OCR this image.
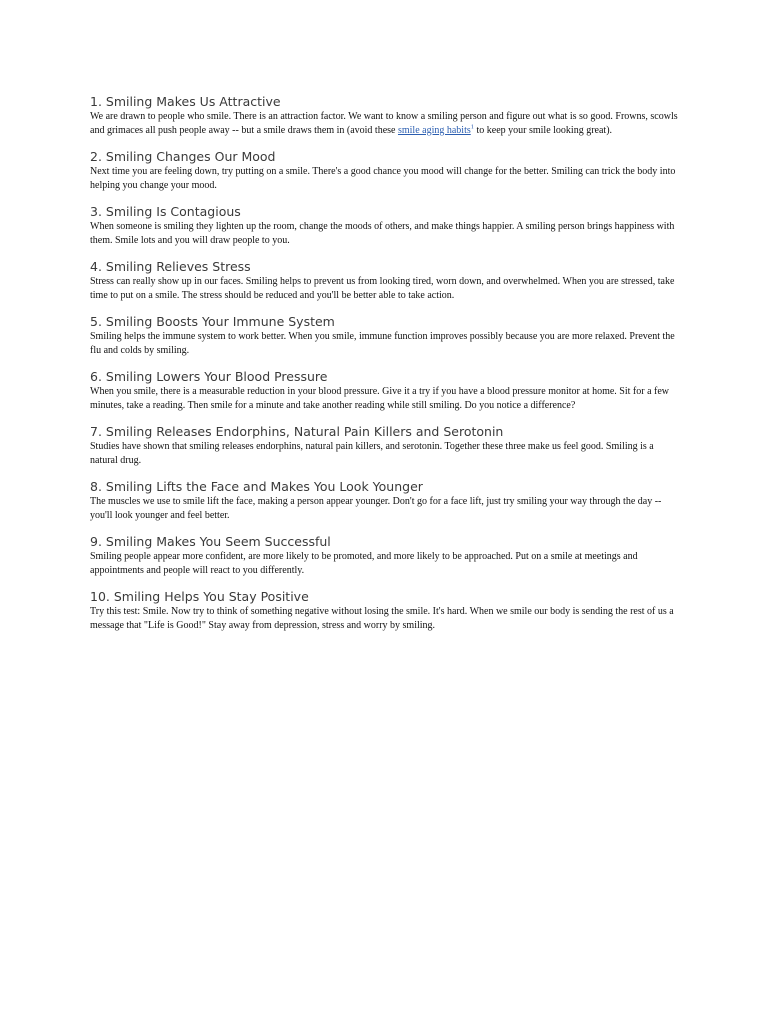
1. Smiling Makes Us Attractive

We are drawn to people who smile. There is an attraction factor. We want to know a smiling person and figure out what is so good. Frowns, scowls and grimaces all push people away -- but a smile draws them in (avoid these smile aging habits$^1$ to keep your smile looking great).

2. Smiling Changes Our Mood

Next time you are feeling down, try putting on a smile. There's a good chance you mood will change for the better. Smiling can trick the body into helping you change your mood.

3. Smiling Is Contagious

When someone is smiling they lighten up the room, change the moods of others, and make things happier. A smiling person brings happiness with them. Smile lots and you will draw people to you.

4. Smiling Relieves Stress

Stress can really show up in our faces. Smiling helps to prevent us from looking tired, worn down, and overwhelmed. When you are stressed, take time to put on a smile. The stress should be reduced and you'll be better able to take action.

5. Smiling Boosts Your Immune System

Smiling helps the immune system to work better. When you smile, immune function improves possibly because you are more relaxed. Prevent the flu and colds by smiling.

6. Smiling Lowers Your Blood Pressure

When you smile, there is a measurable reduction in your blood pressure. Give it a try if you have a blood pressure monitor at home. Sit for a few minutes, take a reading. Then smile for a minute and take another reading while still smiling. Do you notice a difference?

7. Smiling Releases Endorphins, Natural Pain Killers and Serotonin

Studies have shown that smiling releases endorphins, natural pain killers, and serotonin. Together these three make us feel good. Smiling is a natural drug.

8. Smiling Lifts the Face and Makes You Look Younger

The muscles we use to smile lift the face, making a person appear younger. Don't go for a face lift, just try smiling your way through the day -- you'll look younger and feel better.

9. Smiling Makes You Seem Successful

Smiling people appear more confident, are more likely to be promoted, and more likely to be approached. Put on a smile at meetings and appointments and people will react to you differently.

10. Smiling Helps You Stay Positive

Try this test: Smile. Now try to think of something negative without losing the smile. It's hard. When we smile our body is sending the rest of us a message that "Life is Good!" Stay away from depression, stress and worry by smiling.
